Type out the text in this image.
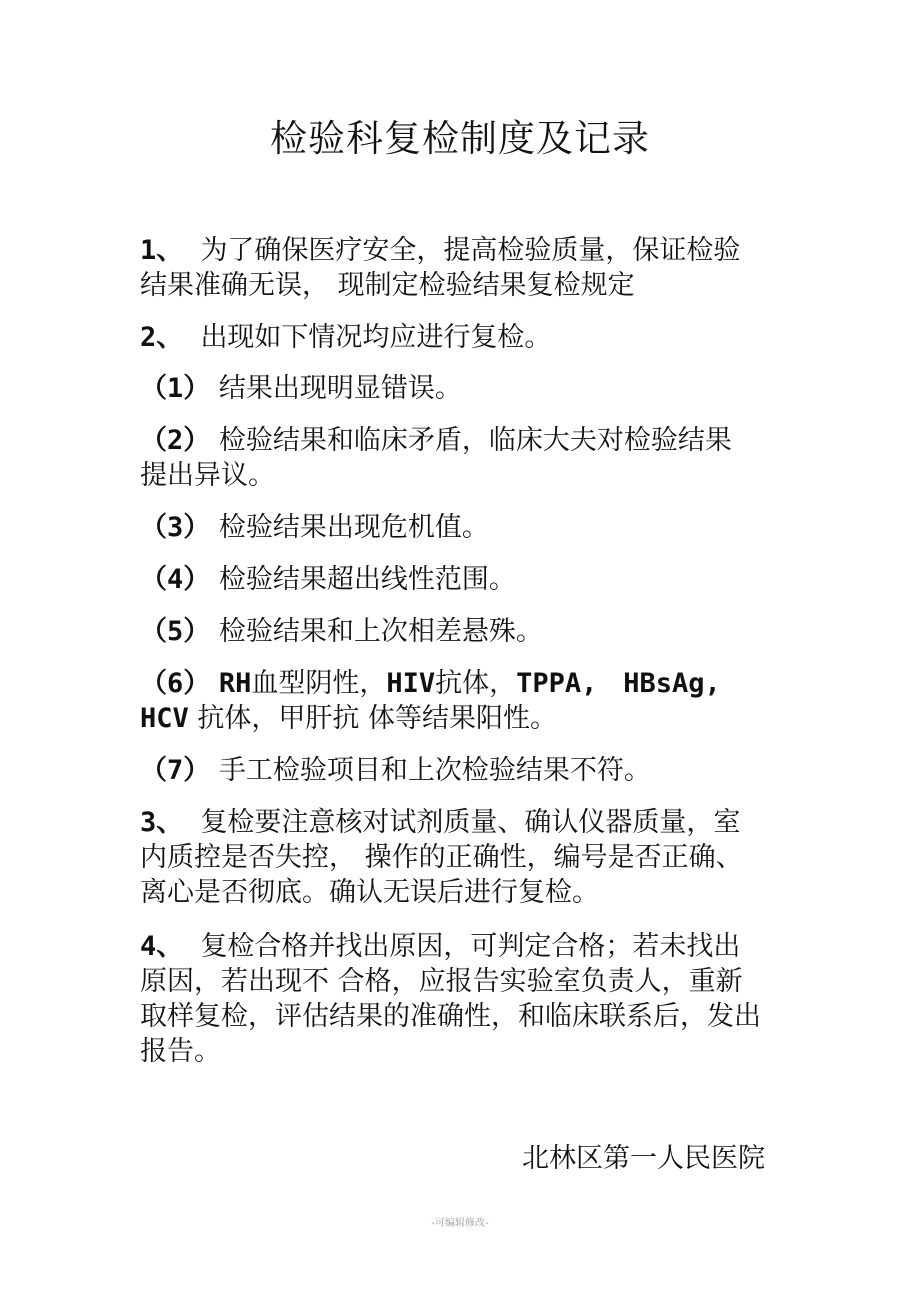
检验科复检制度及记录
1、 为了确保医疗安全，提高检验质量，保证检验
结果准确无误， 现制定检验结果复检规定
2、 出现如下情况均应进行复检。
（1） 结果出现明显错误。
（2） 检验结果和临床矛盾，临床大夫对检验结果
提出异议。
（3） 检验结果出现危机值。
（4） 检验结果超出线性范围。
（5） 检验结果和上次相差悬殊。
（6） RH血型阴性，HIV抗体，TPPA, HBsAg,
HCV 抗体，甲肝抗 体等结果阳性。
（7） 手工检验项目和上次检验结果不符。
3、 复检要注意核对试剂质量、确认仪器质量，室
内质控是否失控， 操作的正确性，编号是否正确、
离心是否彻底。确认无误后进行复检。
4、 复检合格并找出原因，可判定合格；若未找出
原因，若出现不 合格，应报告实验室负责人，重新
取样复检，评估结果的准确性，和临床联系后，发出
报告。
北林区第一人民医院
-可编辑修改-
